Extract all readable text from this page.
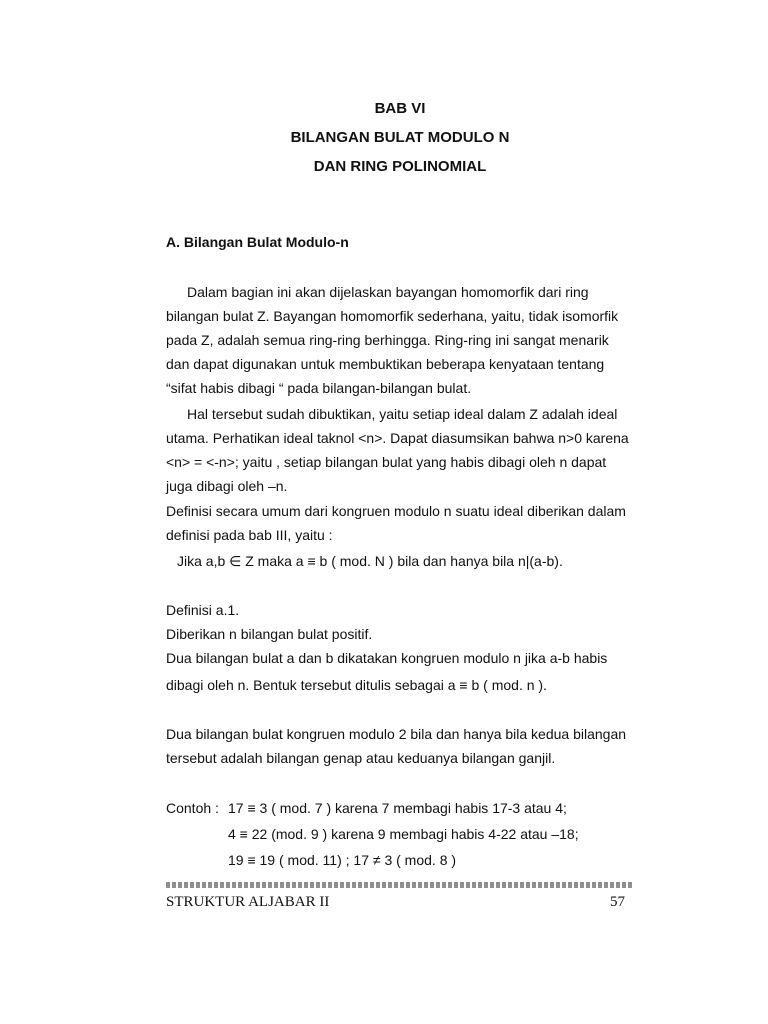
BAB VI
BILANGAN BULAT MODULO N
DAN RING POLINOMIAL
A. Bilangan Bulat Modulo-n
Dalam bagian ini akan dijelaskan bayangan homomorfik dari ring
bilangan bulat Z. Bayangan homomorfik sederhana, yaitu, tidak isomorfik
pada Z, adalah semua ring-ring berhingga. Ring-ring ini sangat menarik
dan dapat digunakan untuk membuktikan beberapa kenyataan tentang
“sifat habis dibagi “ pada bilangan-bilangan bulat.
Hal tersebut sudah dibuktikan, yaitu setiap ideal dalam Z adalah ideal
utama. Perhatikan ideal taknol <n>. Dapat diasumsikan bahwa n>0 karena
<n> = <-n>; yaitu , setiap bilangan bulat yang habis dibagi oleh n dapat
juga dibagi oleh –n.
Definisi secara umum dari kongruen modulo n suatu ideal diberikan dalam
definisi pada bab III, yaitu :
Jika a,b ∈ Z maka a ≡ b ( mod. N ) bila dan hanya bila n|(a-b).
Definisi a.1.
Diberikan n bilangan bulat positif.
Dua bilangan bulat a dan b dikatakan kongruen modulo n jika a-b habis
dibagi oleh n. Bentuk tersebut ditulis sebagai a ≡ b ( mod. n ).
Dua bilangan bulat kongruen modulo 2 bila dan hanya bila kedua bilangan
tersebut adalah bilangan genap atau keduanya bilangan ganjil.
Contoh : 17 ≡ 3 ( mod. 7 ) karena 7 membagi habis 17-3 atau 4;
4 ≡ 22 (mod. 9 ) karena 9 membagi habis 4-22 atau –18;
19 ≡ 19 ( mod. 11) ; 17 ≠ 3 ( mod. 8 )
STRUKTUR ALJABAR II	57
